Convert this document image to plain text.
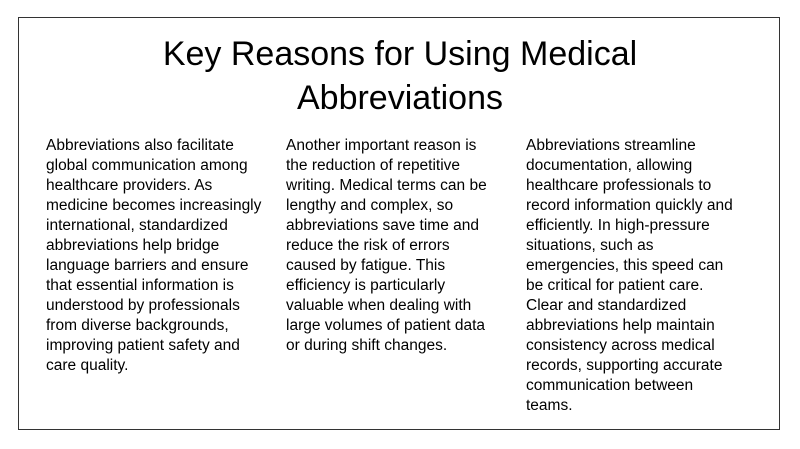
Key Reasons for Using Medical Abbreviations

Abbreviations also facilitate global communication among healthcare providers. As medicine becomes increasingly international, standardized abbreviations help bridge language barriers and ensure that essential information is understood by professionals from diverse backgrounds, improving patient safety and care quality.

Another important reason is the reduction of repetitive writing. Medical terms can be lengthy and complex, so abbreviations save time and reduce the risk of errors caused by fatigue. This efficiency is particularly valuable when dealing with large volumes of patient data or during shift changes.

Abbreviations streamline documentation, allowing healthcare professionals to record information quickly and efficiently. In high-pressure situations, such as emergencies, this speed can be critical for patient care. Clear and standardized abbreviations help maintain consistency across medical records, supporting accurate communication between teams.
